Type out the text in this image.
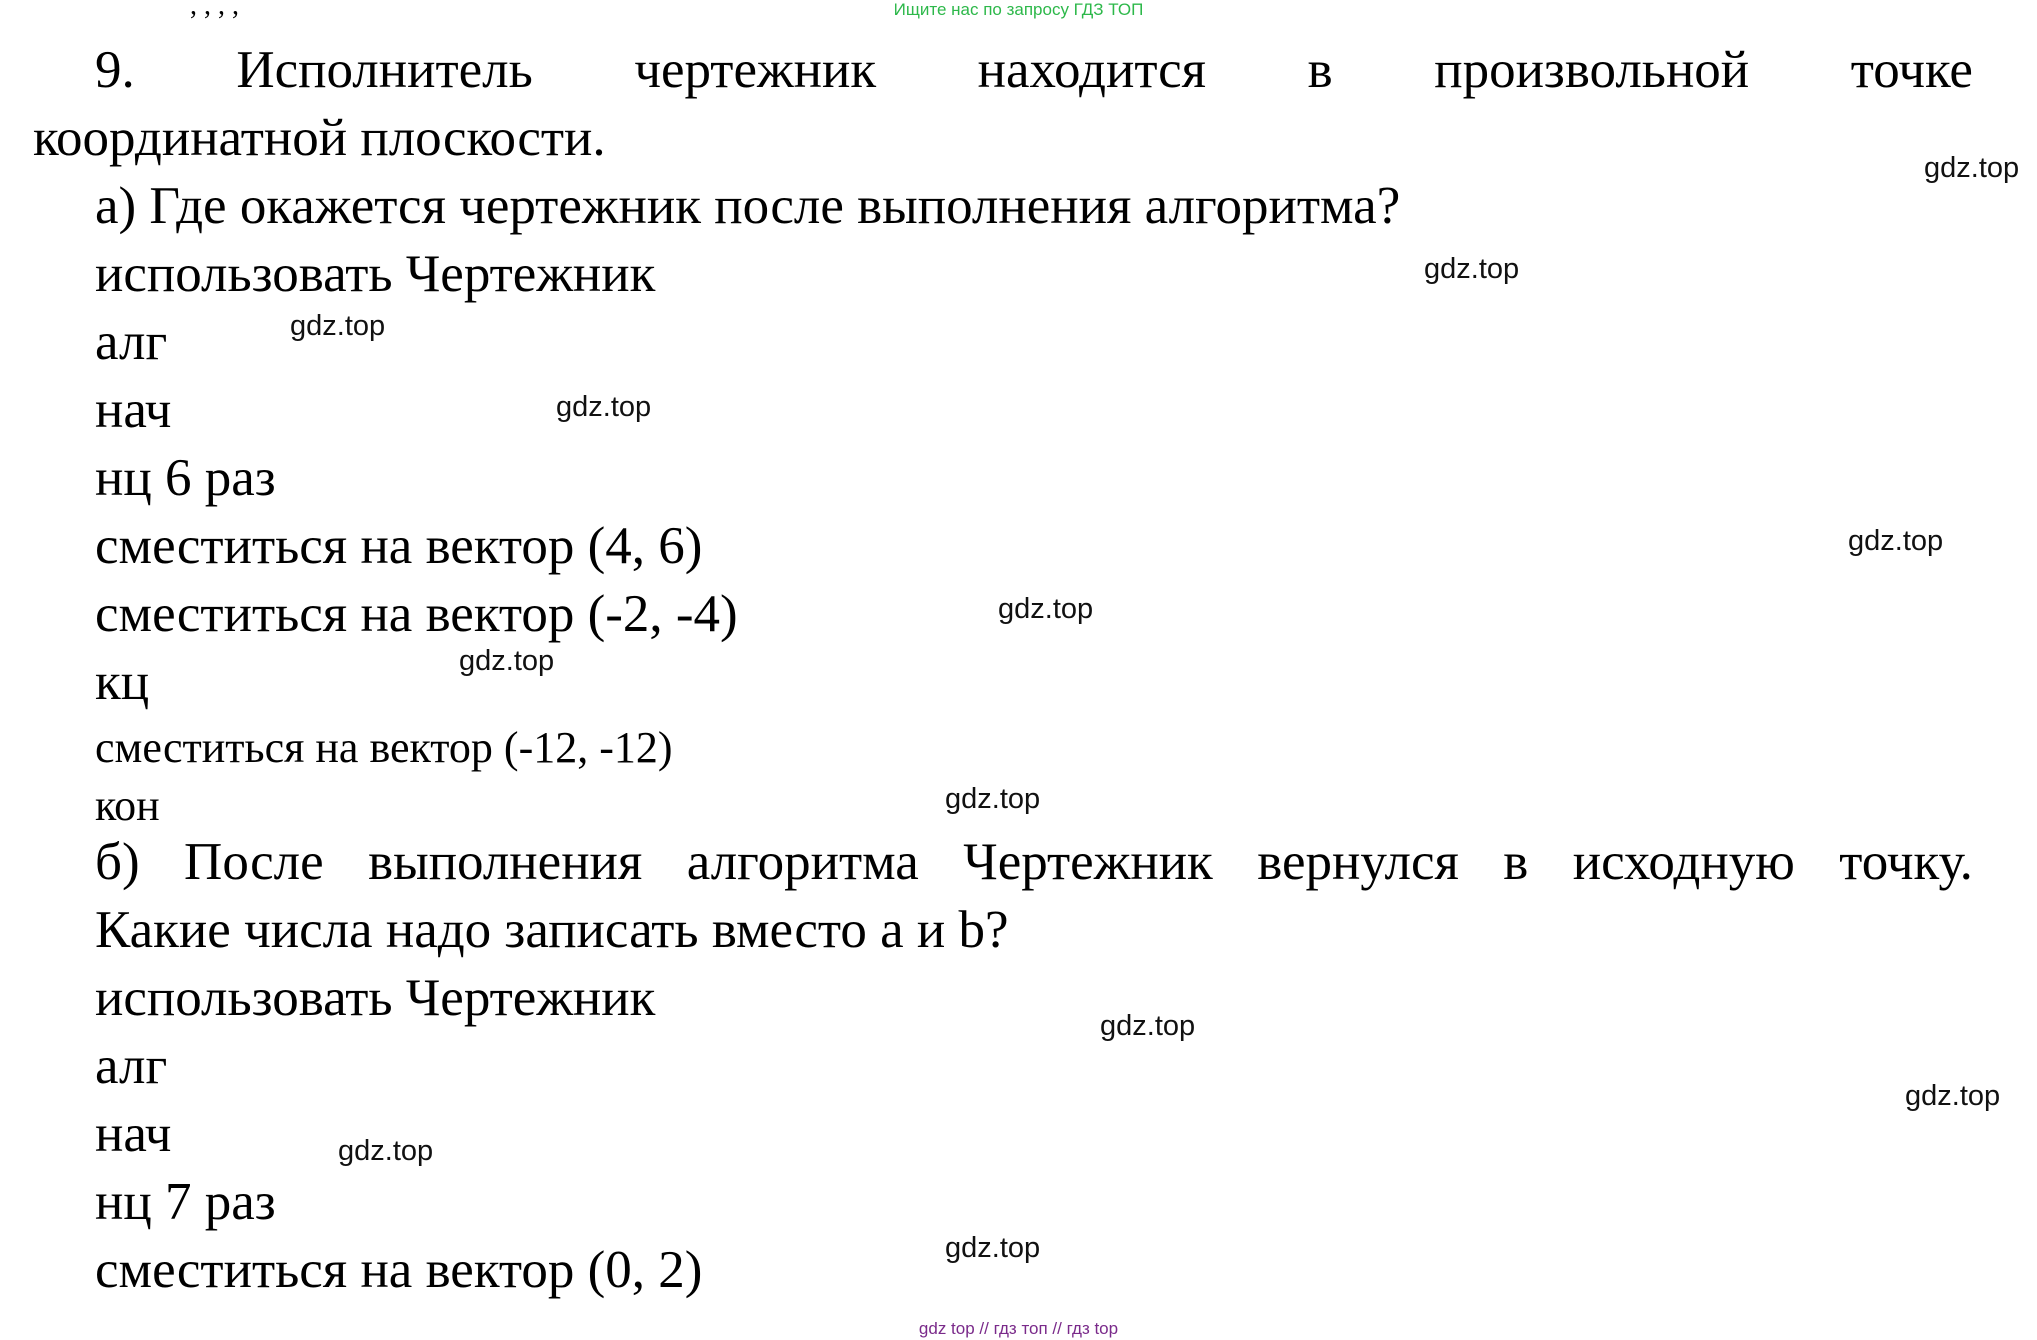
Ищите нас по запросу ГДЗ ТОП
, , , ,
9. Исполнитель чертежник находится в произвольной точке
координатной плоскости.
а) Где окажется чертежник после выполнения алгоритма?
использовать Чертежник
алг
нач
нц 6 раз
сместиться на вектор (4, 6)
сместиться на вектор (-2, -4)
кц
сместиться на вектор (-12, -12)
кон
б) После выполнения алгоритма Чертежник вернулся в исходную точку.
Какие числа надо записать вместо а и b?
использовать Чертежник
алг
нач
нц 7 раз
сместиться на вектор (0, 2)
gdz.top
gdz.top
gdz.top
gdz.top
gdz.top
gdz.top
gdz.top
gdz.top
gdz.top
gdz.top
gdz.top
gdz.top
gdz top // гдз топ // гдз top
